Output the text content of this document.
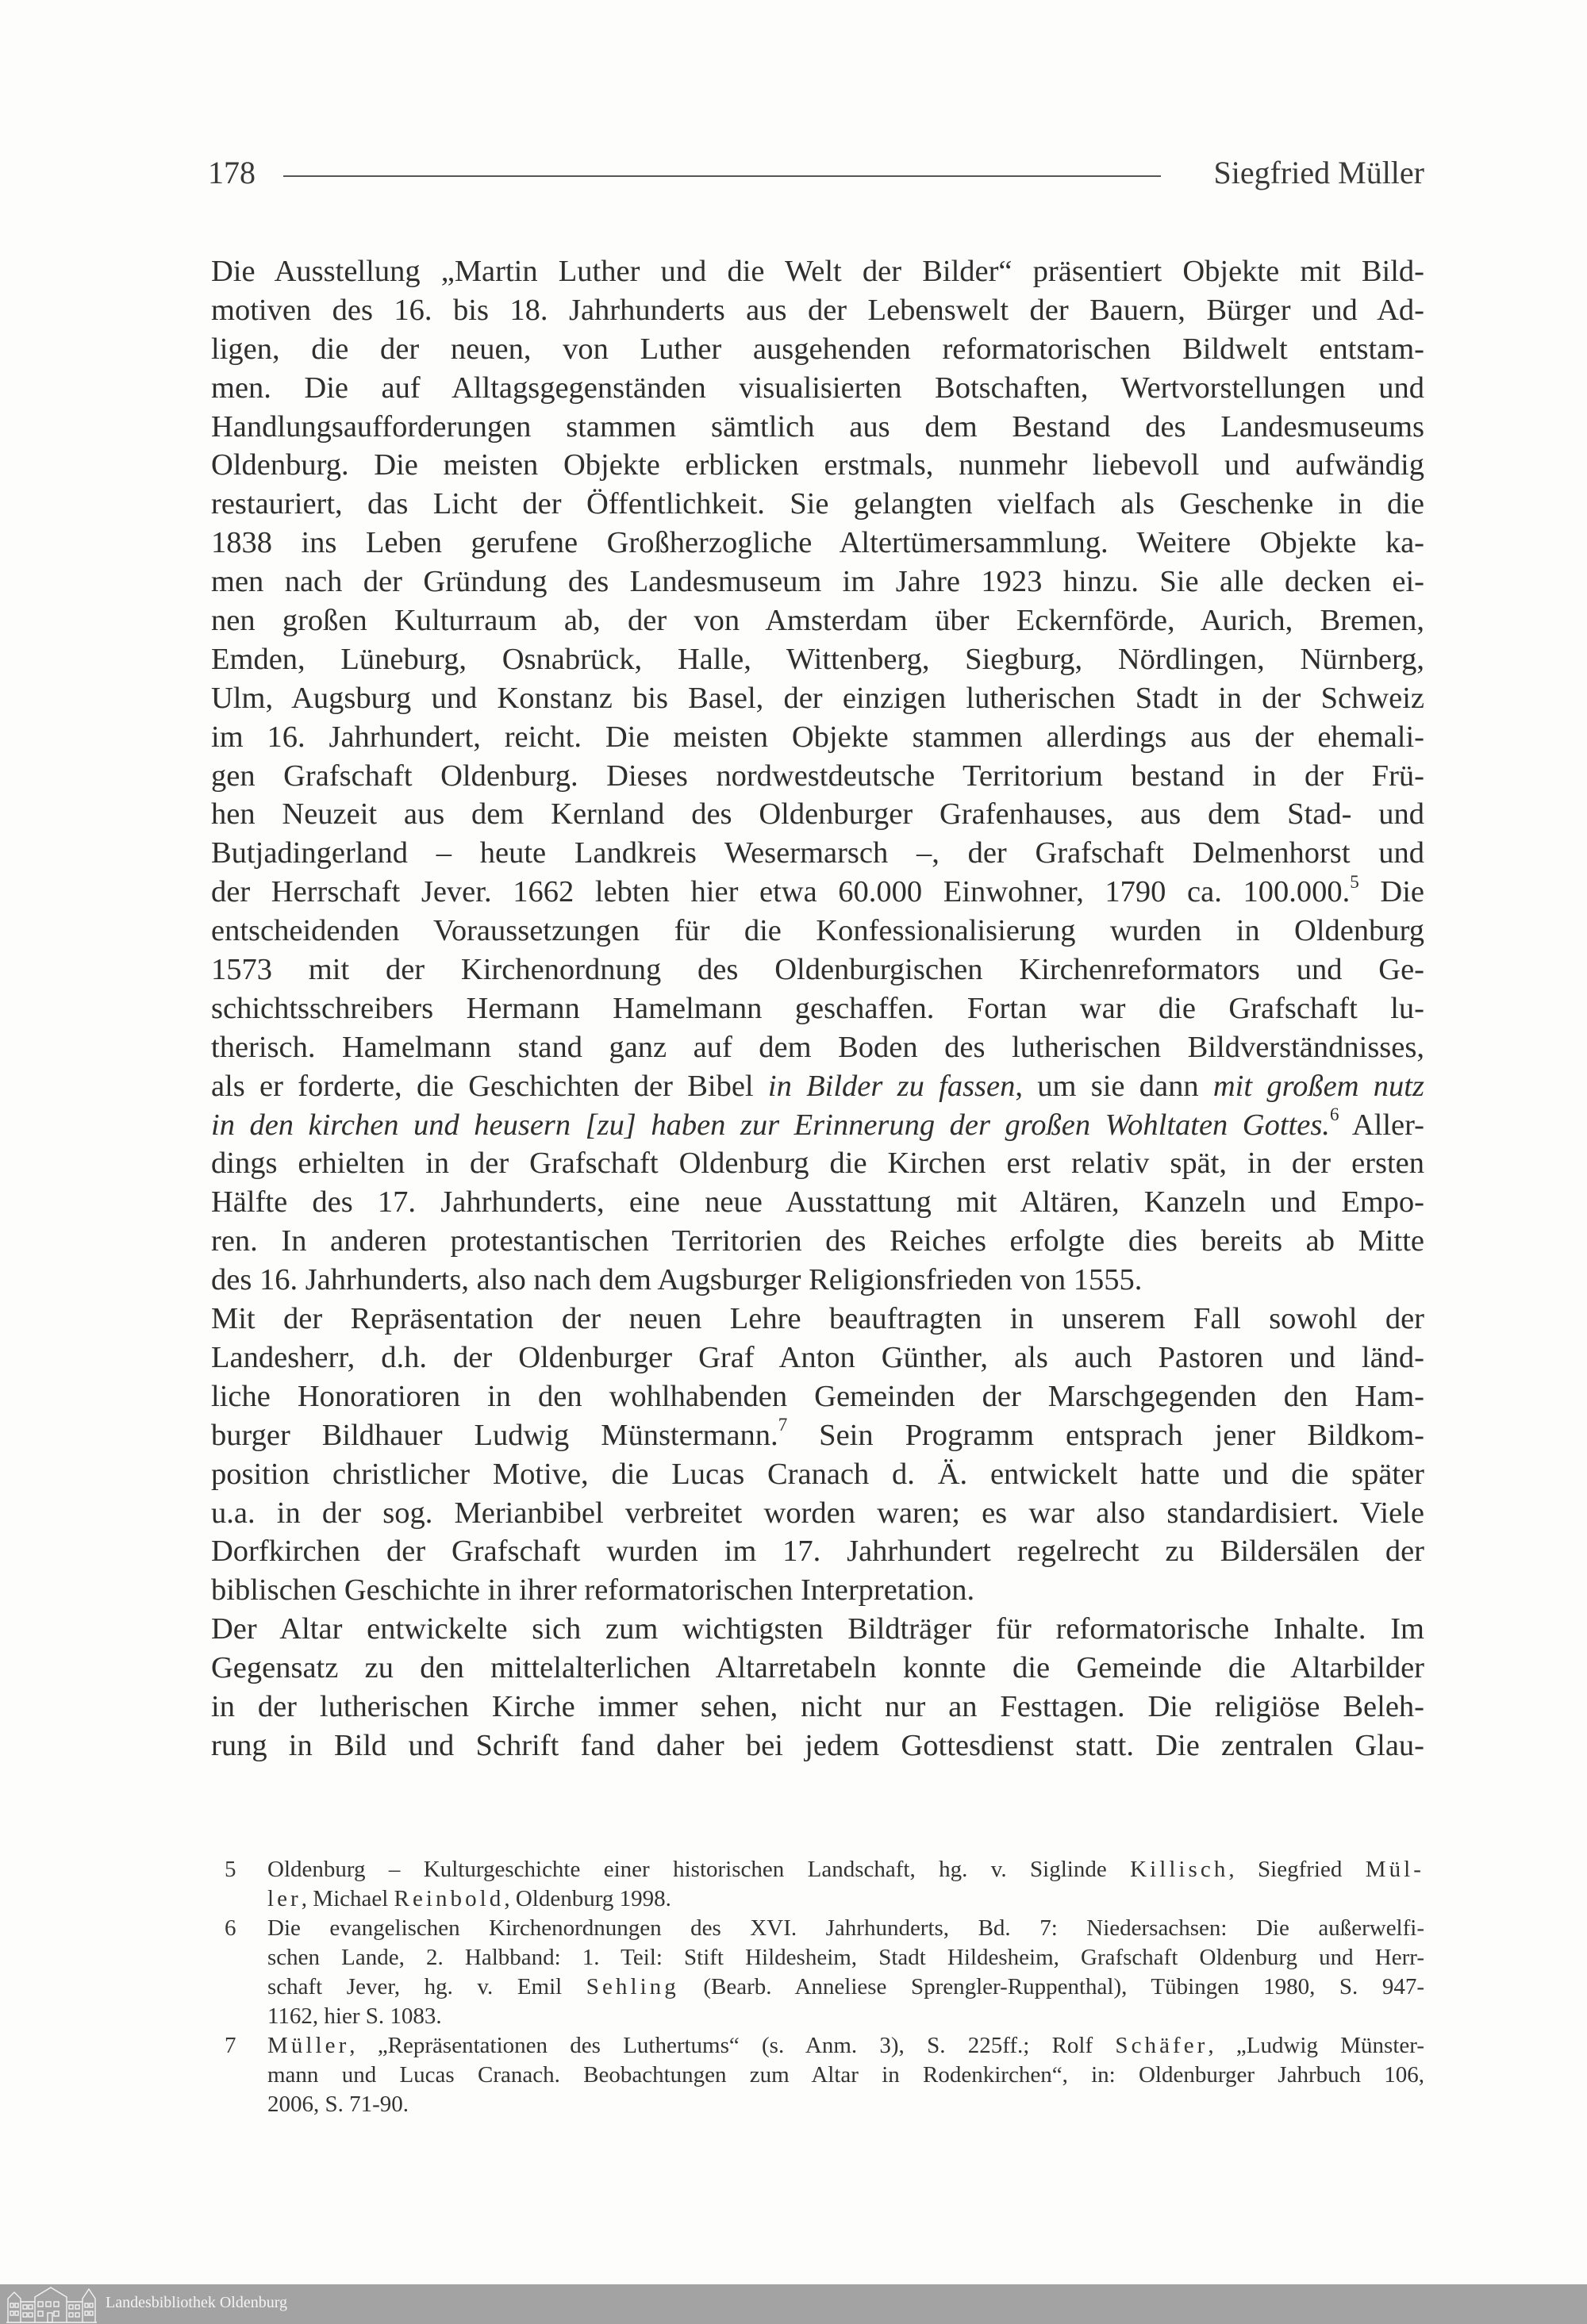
178	Siegfried Müller
Die Ausstellung „Martin Luther und die Welt der Bilder“ präsentiert Objekte mit Bild-
motiven des 16. bis 18. Jahrhunderts aus der Lebenswelt der Bauern, Bürger und Ad-
ligen, die der neuen, von Luther ausgehenden reformatorischen Bildwelt entstam-
men. Die auf Alltagsgegenständen visualisierten Botschaften, Wertvorstellungen und
Handlungsaufforderungen stammen sämtlich aus dem Bestand des Landesmuseums
Oldenburg. Die meisten Objekte erblicken erstmals, nunmehr liebevoll und aufwändig
restauriert, das Licht der Öffentlichkeit. Sie gelangten vielfach als Geschenke in die
1838 ins Leben gerufene Großherzogliche Altertümersammlung. Weitere Objekte ka-
men nach der Gründung des Landesmuseum im Jahre 1923 hinzu. Sie alle decken ei-
nen großen Kulturraum ab, der von Amsterdam über Eckernförde, Aurich, Bremen,
Emden, Lüneburg, Osnabrück, Halle, Wittenberg, Siegburg, Nördlingen, Nürnberg,
Ulm, Augsburg und Konstanz bis Basel, der einzigen lutherischen Stadt in der Schweiz
im 16. Jahrhundert, reicht. Die meisten Objekte stammen allerdings aus der ehemali-
gen Grafschaft Oldenburg. Dieses nordwestdeutsche Territorium bestand in der Frü-
hen Neuzeit aus dem Kernland des Oldenburger Grafenhauses, aus dem Stad- und
Butjadingerland – heute Landkreis Wesermarsch –, der Grafschaft Delmenhorst und
der Herrschaft Jever. 1662 lebten hier etwa 60.000 Einwohner, 1790 ca. 100.000.$^5$ Die
entscheidenden Voraussetzungen für die Konfessionalisierung wurden in Oldenburg
1573 mit der Kirchenordnung des Oldenburgischen Kirchenreformators und Ge-
schichtsschreibers Hermann Hamelmann geschaffen. Fortan war die Grafschaft lu-
therisch. Hamelmann stand ganz auf dem Boden des lutherischen Bildverständnisses,
als er forderte, die Geschichten der Bibel in Bilder zu fassen, um sie dann mit großem nutz
in den kirchen und heusern [zu] haben zur Erinnerung der großen Wohltaten Gottes.$^6$ Aller-
dings erhielten in der Grafschaft Oldenburg die Kirchen erst relativ spät, in der ersten
Hälfte des 17. Jahrhunderts, eine neue Ausstattung mit Altären, Kanzeln und Empo-
ren. In anderen protestantischen Territorien des Reiches erfolgte dies bereits ab Mitte
des 16. Jahrhunderts, also nach dem Augsburger Religionsfrieden von 1555.
Mit der Repräsentation der neuen Lehre beauftragten in unserem Fall sowohl der
Landesherr, d.h. der Oldenburger Graf Anton Günther, als auch Pastoren und länd-
liche Honoratioren in den wohlhabenden Gemeinden der Marschgegenden den Ham-
burger Bildhauer Ludwig Münstermann.$^7$ Sein Programm entsprach jener Bildkom-
position christlicher Motive, die Lucas Cranach d. Ä. entwickelt hatte und die später
u.a. in der sog. Merianbibel verbreitet worden waren; es war also standardisiert. Viele
Dorfkirchen der Grafschaft wurden im 17. Jahrhundert regelrecht zu Bildersälen der
biblischen Geschichte in ihrer reformatorischen Interpretation.
Der Altar entwickelte sich zum wichtigsten Bildträger für reformatorische Inhalte. Im
Gegensatz zu den mittelalterlichen Altarretabeln konnte die Gemeinde die Altarbilder
in der lutherischen Kirche immer sehen, nicht nur an Festtagen. Die religiöse Beleh-
rung in Bild und Schrift fand daher bei jedem Gottesdienst statt. Die zentralen Glau-
5 Oldenburg – Kulturgeschichte einer historischen Landschaft, hg. v. Siglinde Killisch, Siegfried Mül-
ler, Michael Reinbold, Oldenburg 1998.
6 Die evangelischen Kirchenordnungen des XVI. Jahrhunderts, Bd. 7: Niedersachsen: Die außerwelfi-
schen Lande, 2. Halbband: 1. Teil: Stift Hildesheim, Stadt Hildesheim, Grafschaft Oldenburg und Herr-
schaft Jever, hg. v. Emil Sehling (Bearb. Anneliese Sprengler-Ruppenthal), Tübingen 1980, S. 947-
1162, hier S. 1083.
7 Müller, „Repräsentationen des Luthertums“ (s. Anm. 3), S. 225ff.; Rolf Schäfer, „Ludwig Münster-
mann und Lucas Cranach. Beobachtungen zum Altar in Rodenkirchen“, in: Oldenburger Jahrbuch 106,
2006, S. 71-90.
Landesbibliothek Oldenburg
